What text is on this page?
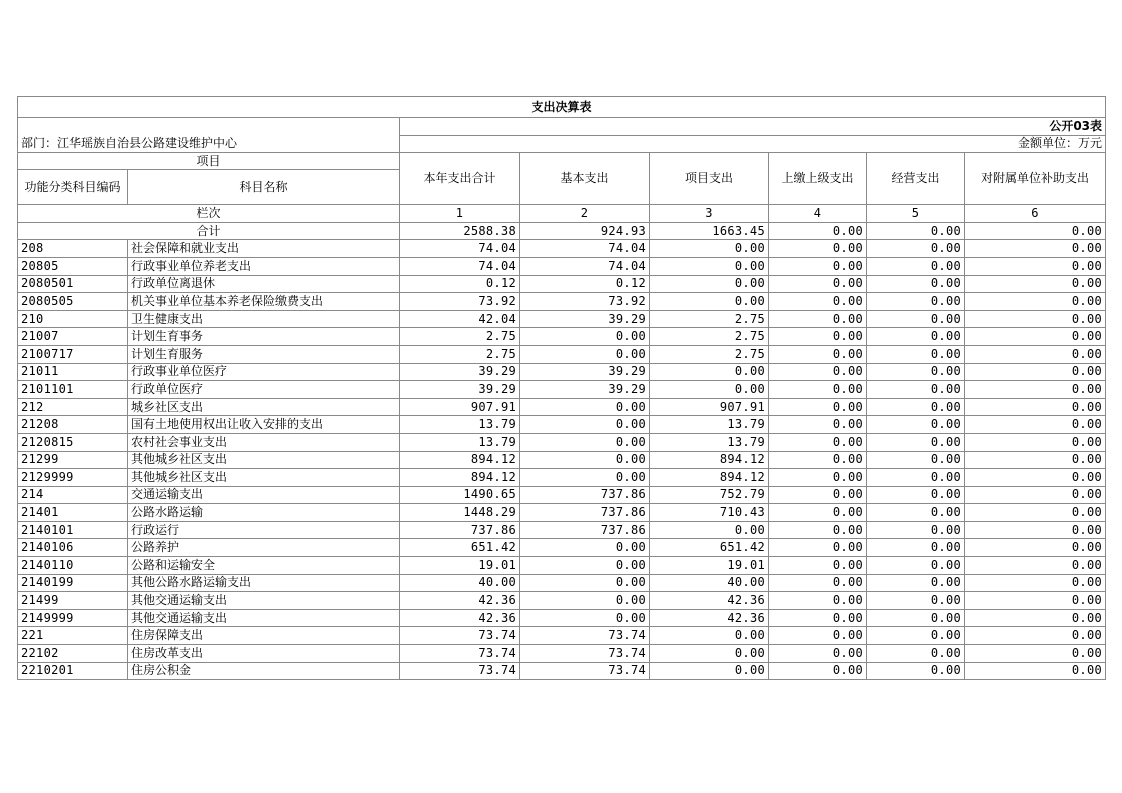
支出决算表							
		公开03表					
部门：江华瑶族自治县公路建设维护中心		金额单位：万元					
项目		本年支出合计	基本支出	项目支出	上缴上级支出	经营支出	对附属单位补助支出
功能分类科目编码	科目名称						
栏次		1	2	3	4	5	6
合计		2588.38	924.93	1663.45	0.00	0.00	0.00
208	社会保障和就业支出	74.04	74.04	0.00	0.00	0.00	0.00
20805	行政事业单位养老支出	74.04	74.04	0.00	0.00	0.00	0.00
2080501	行政单位离退休	0.12	0.12	0.00	0.00	0.00	0.00
2080505	机关事业单位基本养老保险缴费支出	73.92	73.92	0.00	0.00	0.00	0.00
210	卫生健康支出	42.04	39.29	2.75	0.00	0.00	0.00
21007	计划生育事务	2.75	0.00	2.75	0.00	0.00	0.00
2100717	计划生育服务	2.75	0.00	2.75	0.00	0.00	0.00
21011	行政事业单位医疗	39.29	39.29	0.00	0.00	0.00	0.00
2101101	行政单位医疗	39.29	39.29	0.00	0.00	0.00	0.00
212	城乡社区支出	907.91	0.00	907.91	0.00	0.00	0.00
21208	国有土地使用权出让收入安排的支出	13.79	0.00	13.79	0.00	0.00	0.00
2120815	农村社会事业支出	13.79	0.00	13.79	0.00	0.00	0.00
21299	其他城乡社区支出	894.12	0.00	894.12	0.00	0.00	0.00
2129999	其他城乡社区支出	894.12	0.00	894.12	0.00	0.00	0.00
214	交通运输支出	1490.65	737.86	752.79	0.00	0.00	0.00
21401	公路水路运输	1448.29	737.86	710.43	0.00	0.00	0.00
2140101	行政运行	737.86	737.86	0.00	0.00	0.00	0.00
2140106	公路养护	651.42	0.00	651.42	0.00	0.00	0.00
2140110	公路和运输安全	19.01	0.00	19.01	0.00	0.00	0.00
2140199	其他公路水路运输支出	40.00	0.00	40.00	0.00	0.00	0.00
21499	其他交通运输支出	42.36	0.00	42.36	0.00	0.00	0.00
2149999	其他交通运输支出	42.36	0.00	42.36	0.00	0.00	0.00
221	住房保障支出	73.74	73.74	0.00	0.00	0.00	0.00
22102	住房改革支出	73.74	73.74	0.00	0.00	0.00	0.00
2210201	住房公积金	73.74	73.74	0.00	0.00	0.00	0.00
